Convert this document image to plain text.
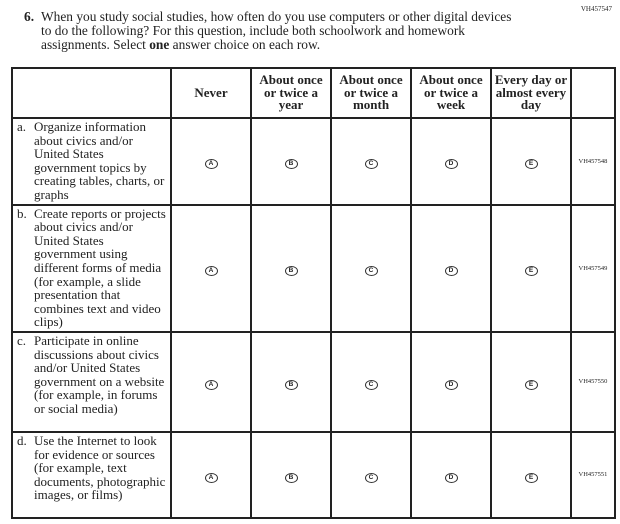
VH457547
6. When you study social studies, how often do you use computers or other digital devices to do the following? For this question, include both schoolwork and homework assignments. Select one answer choice on each row.
	Never	About once or twice a year	About once or twice a month	About once or twice a week	Every day or almost every day	

a. Organize information about civics and/or United States government topics by creating tables, charts, or graphs	A	B	C	D	E	VH457548

b. Create reports or projects about civics and/or United States government using different forms of media (for example, a slide presentation that combines text and video clips)	A	B	C	D	E	VH457549

c. Participate in online discussions about civics and/or United States government on a website (for example, in forums or social media)	A	B	C	D	E	VH457550

d. Use the Internet to look for evidence or sources (for example, text documents, photographic images, or films)	A	B	C	D	E	VH457551
